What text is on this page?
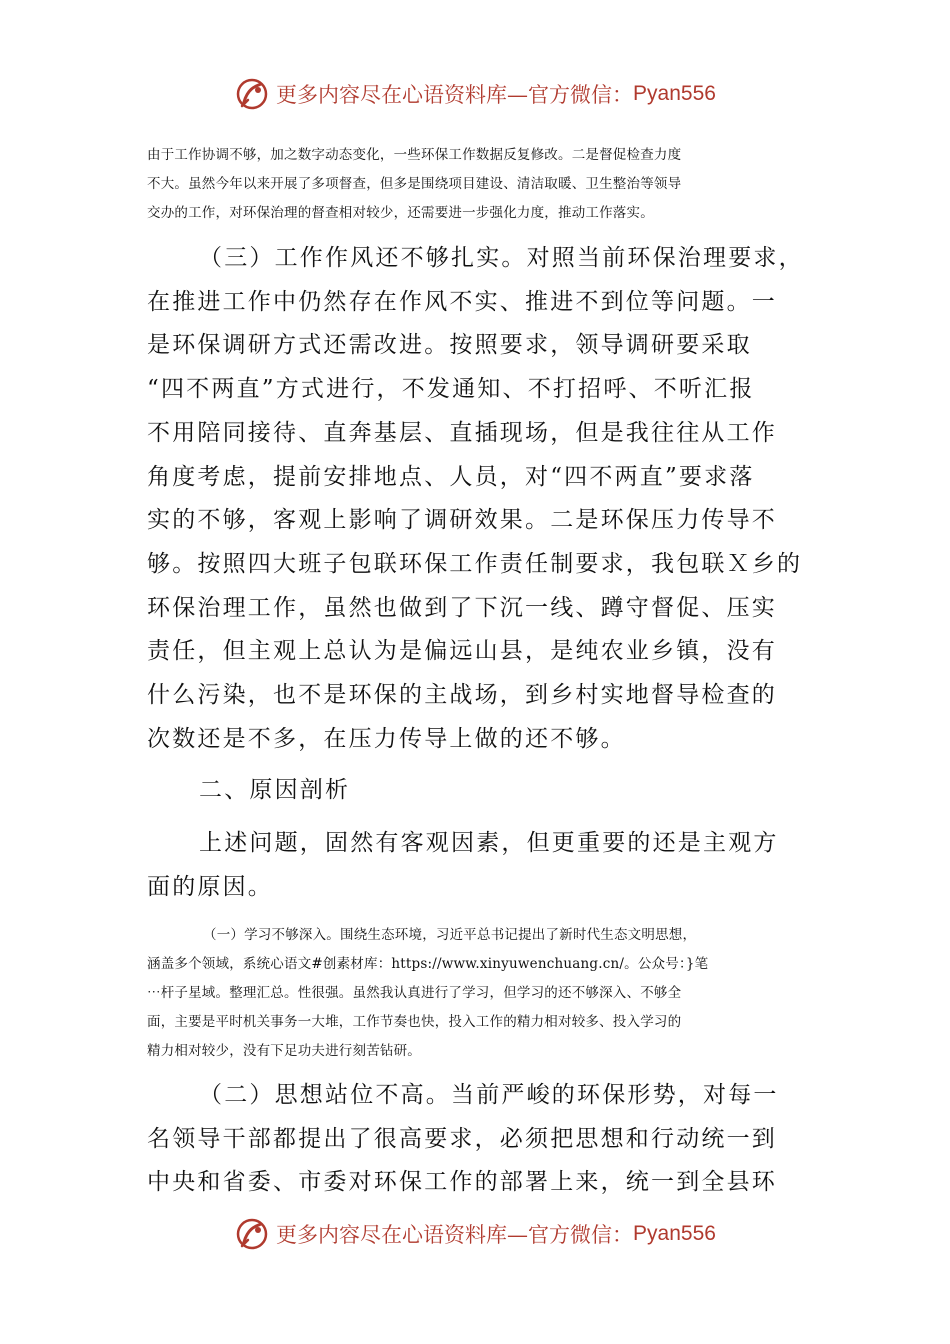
更多内容尽在心语资料库—官方微信： Pyan556
由于工作协调不够，加之数字动态变化，一些环保工作数据反复修改。二是督促检查力度
不大。虽然今年以来开展了多项督查，但多是围绕项目建设、清洁取暖、卫生整治等领导
交办的工作，对环保治理的督查相对较少，还需要进一步强化力度，推动工作落实。
（三）工作作风还不够扎实。对照当前环保治理要求，
在推进工作中仍然存在作风不实、推进不到位等问题。一
是环保调研方式还需改进。按照要求，领导调研要采取
“四不两直”方式进行，不发通知、不打招呼、不听汇报
不用陪同接待、直奔基层、直插现场，但是我往往从工作
角度考虑，提前安排地点、人员，对“四不两直”要求落
实的不够，客观上影响了调研效果。二是环保压力传导不
够。按照四大班子包联环保工作责任制要求，我包联Ｘ乡的
环保治理工作，虽然也做到了下沉一线、蹲守督促、压实
责任，但主观上总认为是偏远山县，是纯农业乡镇，没有
什么污染，也不是环保的主战场，到乡村实地督导检查的
次数还是不多，在压力传导上做的还不够。
二、原因剖析
上述问题，固然有客观因素，但更重要的还是主观方
面的原因。
（一）学习不够深入。围绕生态环境，习近平总书记提出了新时代生态文明思想，
涵盖多个领域，系统心语文#创素材库：https://www.xinyuwenchuang.cn/。公众号：}笔
⋯杆子星域。整理汇总。性很强。虽然我认真进行了学习，但学习的还不够深入、不够全
面，主要是平时机关事务一大堆，工作节奏也快，投入工作的精力相对较多、投入学习的
精力相对较少，没有下足功夫进行刻苦钻研。
（二）思想站位不高。当前严峻的环保形势，对每一
名领导干部都提出了很高要求，必须把思想和行动统一到
中央和省委、市委对环保工作的部署上来，统一到全县环
更多内容尽在心语资料库—官方微信： Pyan556
